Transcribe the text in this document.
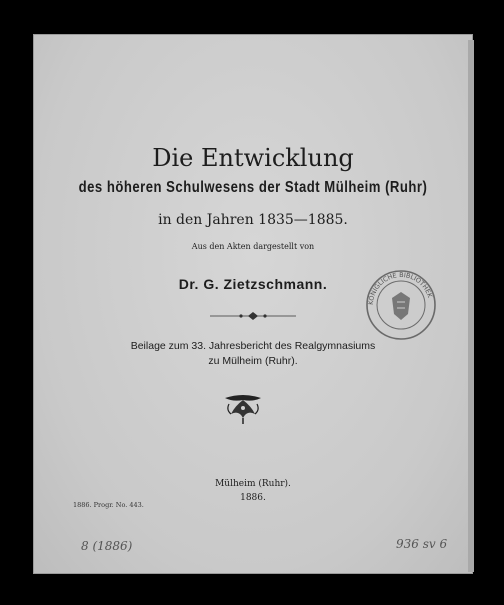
Die Entwicklung
des höheren Schulwesens der Stadt Mülheim (Ruhr)
in den Jahren 1835—1885.
Aus den Akten dargestellt von
Dr. G. Zietzschmann.
Beilage zum 33. Jahresbericht des Realgymnasiums
zu Mülheim (Ruhr).
KÖNIGLICHE BIBLIOTHEK
Mülheim (Ruhr).
1886.
1886. Progr. No. 443.
8 (1886)	936 sv 6
